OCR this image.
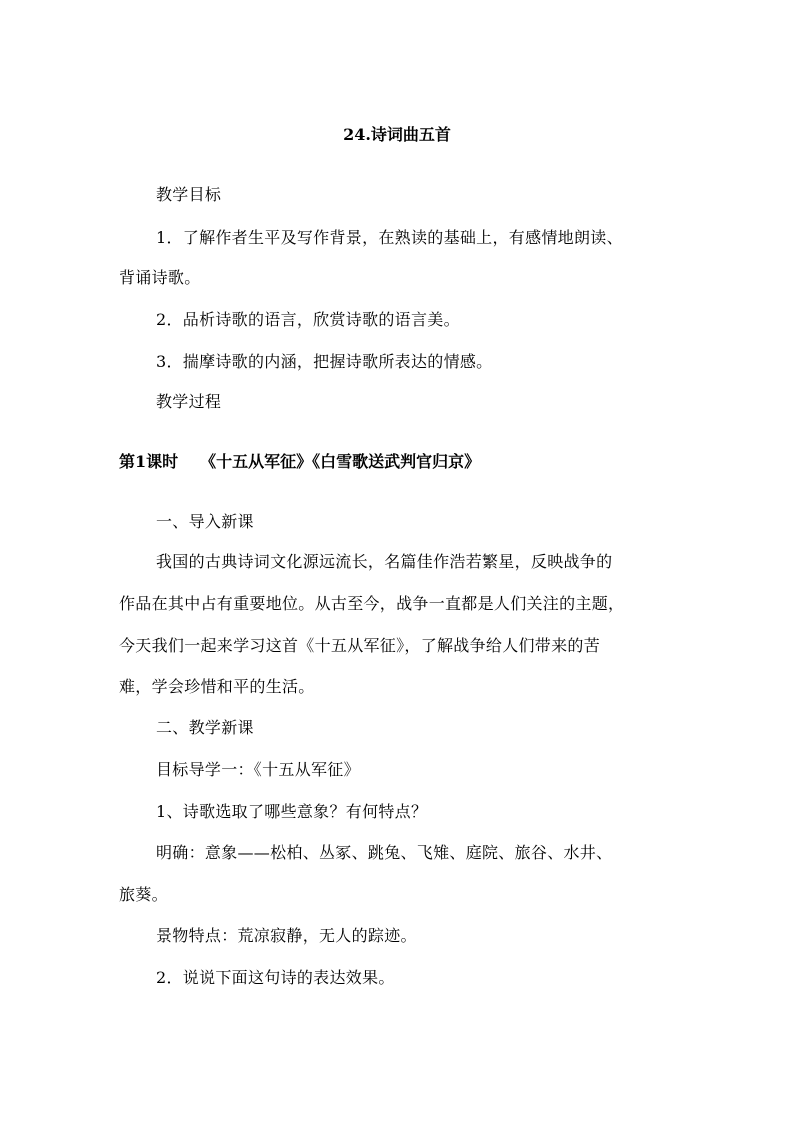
24.诗词曲五首
教学目标
1．了解作者生平及写作背景，在熟读的基础上，有感情地朗读、
背诵诗歌。
2．品析诗歌的语言，欣赏诗歌的语言美。
3．揣摩诗歌的内涵，把握诗歌所表达的情感。
教学过程
第1课时 《十五从军征》《白雪歌送武判官归京》
一、导入新课
我国的古典诗词文化源远流长，名篇佳作浩若繁星，反映战争的
作品在其中占有重要地位。从古至今，战争一直都是人们关注的主题，
今天我们一起来学习这首《十五从军征》，了解战争给人们带来的苦
难，学会珍惜和平的生活。
二、教学新课
目标导学一：《十五从军征》
1、诗歌选取了哪些意象？有何特点？
明确：意象——松柏、丛冢、跳兔、飞雉、庭院、旅谷、水井、
旅葵。
景物特点：荒凉寂静，无人的踪迹。
2．说说下面这句诗的表达效果。
